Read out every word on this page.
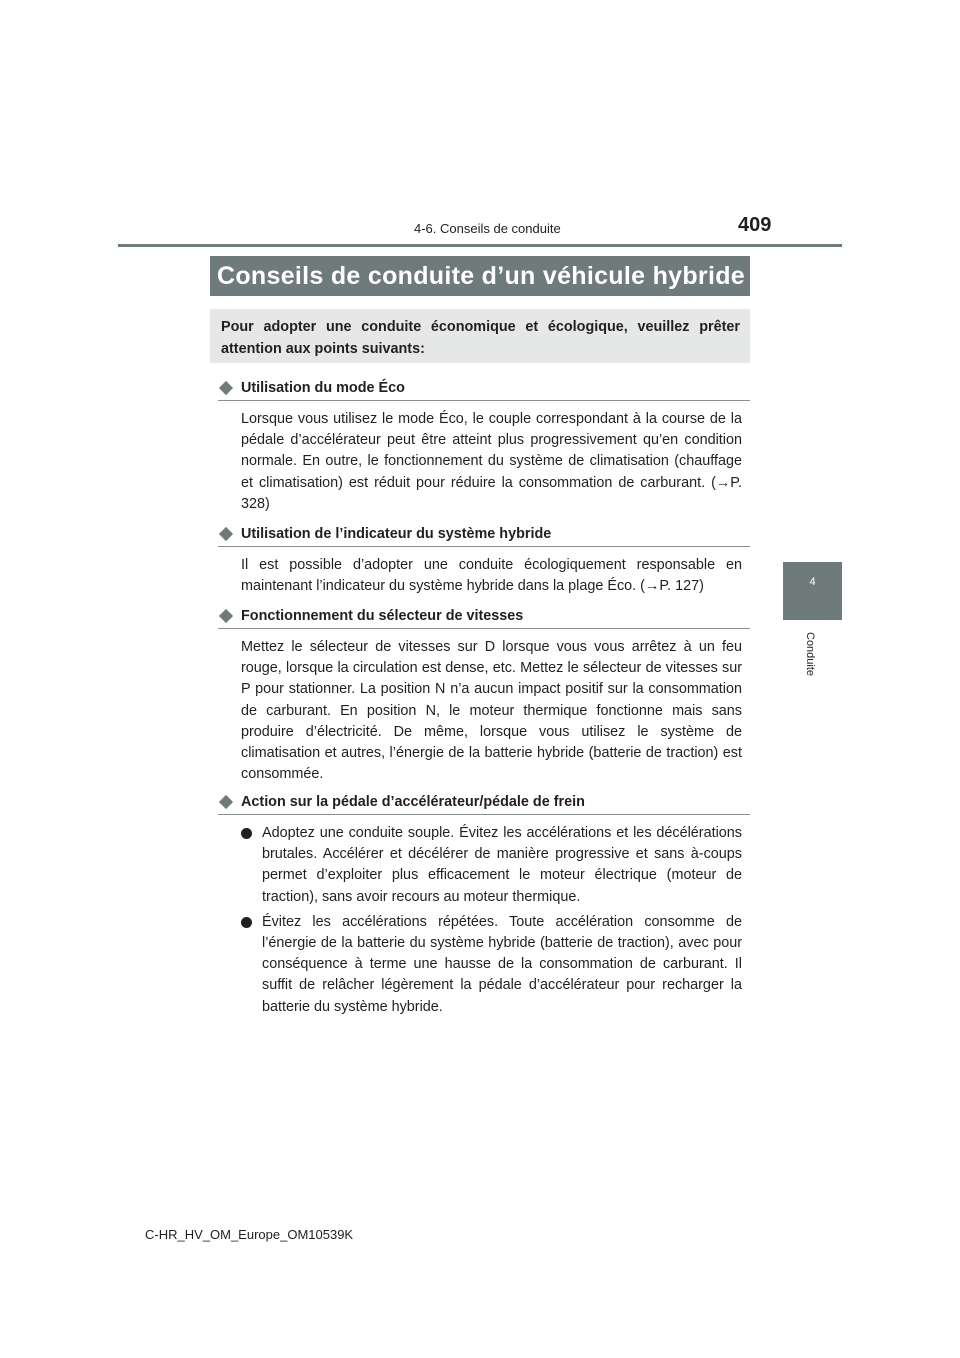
4-6. Conseils de conduite	409
4
Conduite
Conseils de conduite d’un véhicule hybride

Pour adopter une conduite économique et écologique, veuillez prêter attention aux points suivants:

Utilisation du mode Éco

Lorsque vous utilisez le mode Éco, le couple correspondant à la course de la pédale d’accélérateur peut être atteint plus progressivement qu’en condition normale. En outre, le fonctionnement du système de climatisation (chauffage et climatisation) est réduit pour réduire la consommation de carburant. (→P. 328)

Utilisation de l’indicateur du système hybride

Il est possible d’adopter une conduite écologiquement responsable en maintenant l’indicateur du système hybride dans la plage Éco. (→P. 127)

Fonctionnement du sélecteur de vitesses

Mettez le sélecteur de vitesses sur D lorsque vous vous arrêtez à un feu rouge, lorsque la circulation est dense, etc. Mettez le sélecteur de vitesses sur P pour stationner. La position N n’a aucun impact positif sur la consommation de carburant. En position N, le moteur thermique fonctionne mais sans produire d’électricité. De même, lorsque vous utilisez le système de climatisation et autres, l’énergie de la batterie hybride (batterie de traction) est consommée.

Action sur la pédale d’accélérateur/pédale de frein
Adoptez une conduite souple. Évitez les accélérations et les décélérations brutales. Accélérer et décélérer de manière progressive et sans à-coups permet d’exploiter plus efficacement le moteur électrique (moteur de traction), sans avoir recours au moteur thermique.
Évitez les accélérations répétées. Toute accélération consomme de l’énergie de la batterie du système hybride (batterie de traction), avec pour conséquence à terme une hausse de la consommation de carburant. Il suffit de relâcher légèrement la pédale d’accélérateur pour recharger la batterie du système hybride.
C-HR_HV_OM_Europe_OM10539K
